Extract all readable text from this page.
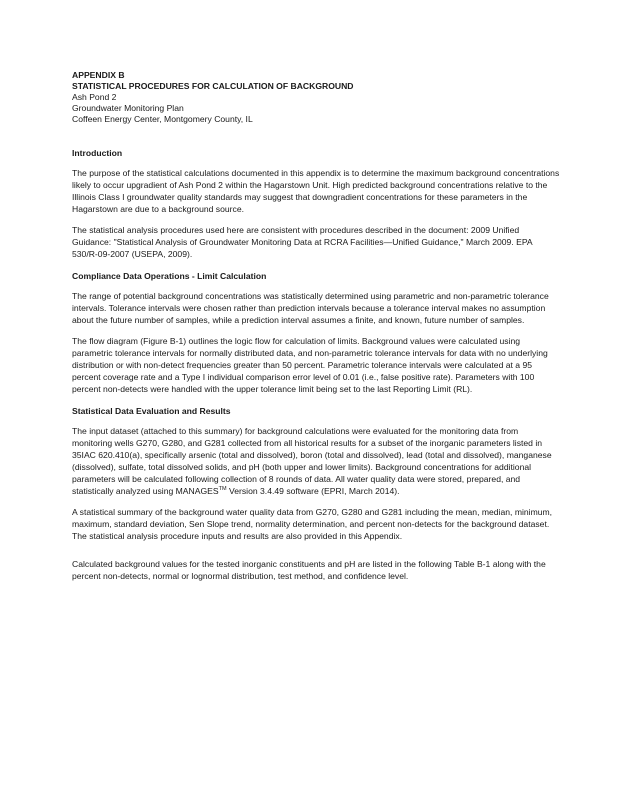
APPENDIX B

STATISTICAL PROCEDURES FOR CALCULATION OF BACKGROUND

Ash Pond 2

Groundwater Monitoring Plan

Coffeen Energy Center, Montgomery County, IL

Introduction

The purpose of the statistical calculations documented in this appendix is to determine the maximum background concentrations likely to occur upgradient of Ash Pond 2 within the Hagarstown Unit. High predicted background concentrations relative to the Illinois Class I groundwater quality standards may suggest that downgradient concentrations for these parameters in the Hagarstown are due to a background source.

The statistical analysis procedures used here are consistent with procedures described in the document: 2009 Unified Guidance: "Statistical Analysis of Groundwater Monitoring Data at RCRA Facilities—Unified Guidance," March 2009. EPA 530/R-09-2007 (USEPA, 2009).

Compliance Data Operations - Limit Calculation

The range of potential background concentrations was statistically determined using parametric and non-parametric tolerance intervals. Tolerance intervals were chosen rather than prediction intervals because a tolerance interval makes no assumption about the future number of samples, while a prediction interval assumes a finite, and known, future number of samples.

The flow diagram (Figure B-1) outlines the logic flow for calculation of limits. Background values were calculated using parametric tolerance intervals for normally distributed data, and non-parametric tolerance intervals for data with no underlying distribution or with non-detect frequencies greater than 50 percent. Parametric tolerance intervals were calculated at a 95 percent coverage rate and a Type I individual comparison error level of 0.01 (i.e., false positive rate). Parameters with 100 percent non-detects were handled with the upper tolerance limit being set to the last Reporting Limit (RL).

Statistical Data Evaluation and Results

The input dataset (attached to this summary) for background calculations were evaluated for the monitoring data from monitoring wells G270, G280, and G281 collected from all historical results for a subset of the inorganic parameters listed in 35IAC 620.410(a), specifically arsenic (total and dissolved), boron (total and dissolved), lead (total and dissolved), manganese (dissolved), sulfate, total dissolved solids, and pH (both upper and lower limits). Background concentrations for additional parameters will be calculated following collection of 8 rounds of data. All water quality data were stored, prepared, and statistically analyzed using MANAGES™ Version 3.4.49 software (EPRI, March 2014).

A statistical summary of the background water quality data from G270, G280 and G281 including the mean, median, minimum, maximum, standard deviation, Sen Slope trend, normality determination, and percent non-detects for the background dataset. The statistical analysis procedure inputs and results are also provided in this Appendix.

Calculated background values for the tested inorganic constituents and pH are listed in the following Table B-1 along with the percent non-detects, normal or lognormal distribution, test method, and confidence level.
